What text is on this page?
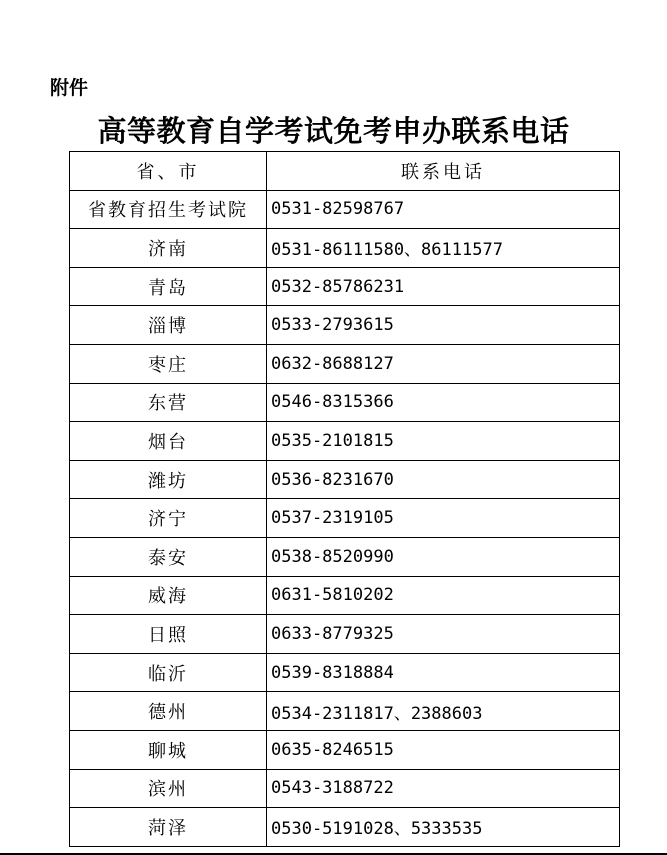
附件
高等教育自学考试免考申办联系电话
省、市	联系电话
省教育招生考试院	0531-82598767
济南	0531-86111580、86111577
青岛	0532-85786231
淄博	0533-2793615
枣庄	0632-8688127
东营	0546-8315366
烟台	0535-2101815
潍坊	0536-8231670
济宁	0537-2319105
泰安	0538-8520990
威海	0631-5810202
日照	0633-8779325
临沂	0539-8318884
德州	0534-2311817、2388603
聊城	0635-8246515
滨州	0543-3188722
菏泽	0530-5191028、5333535
